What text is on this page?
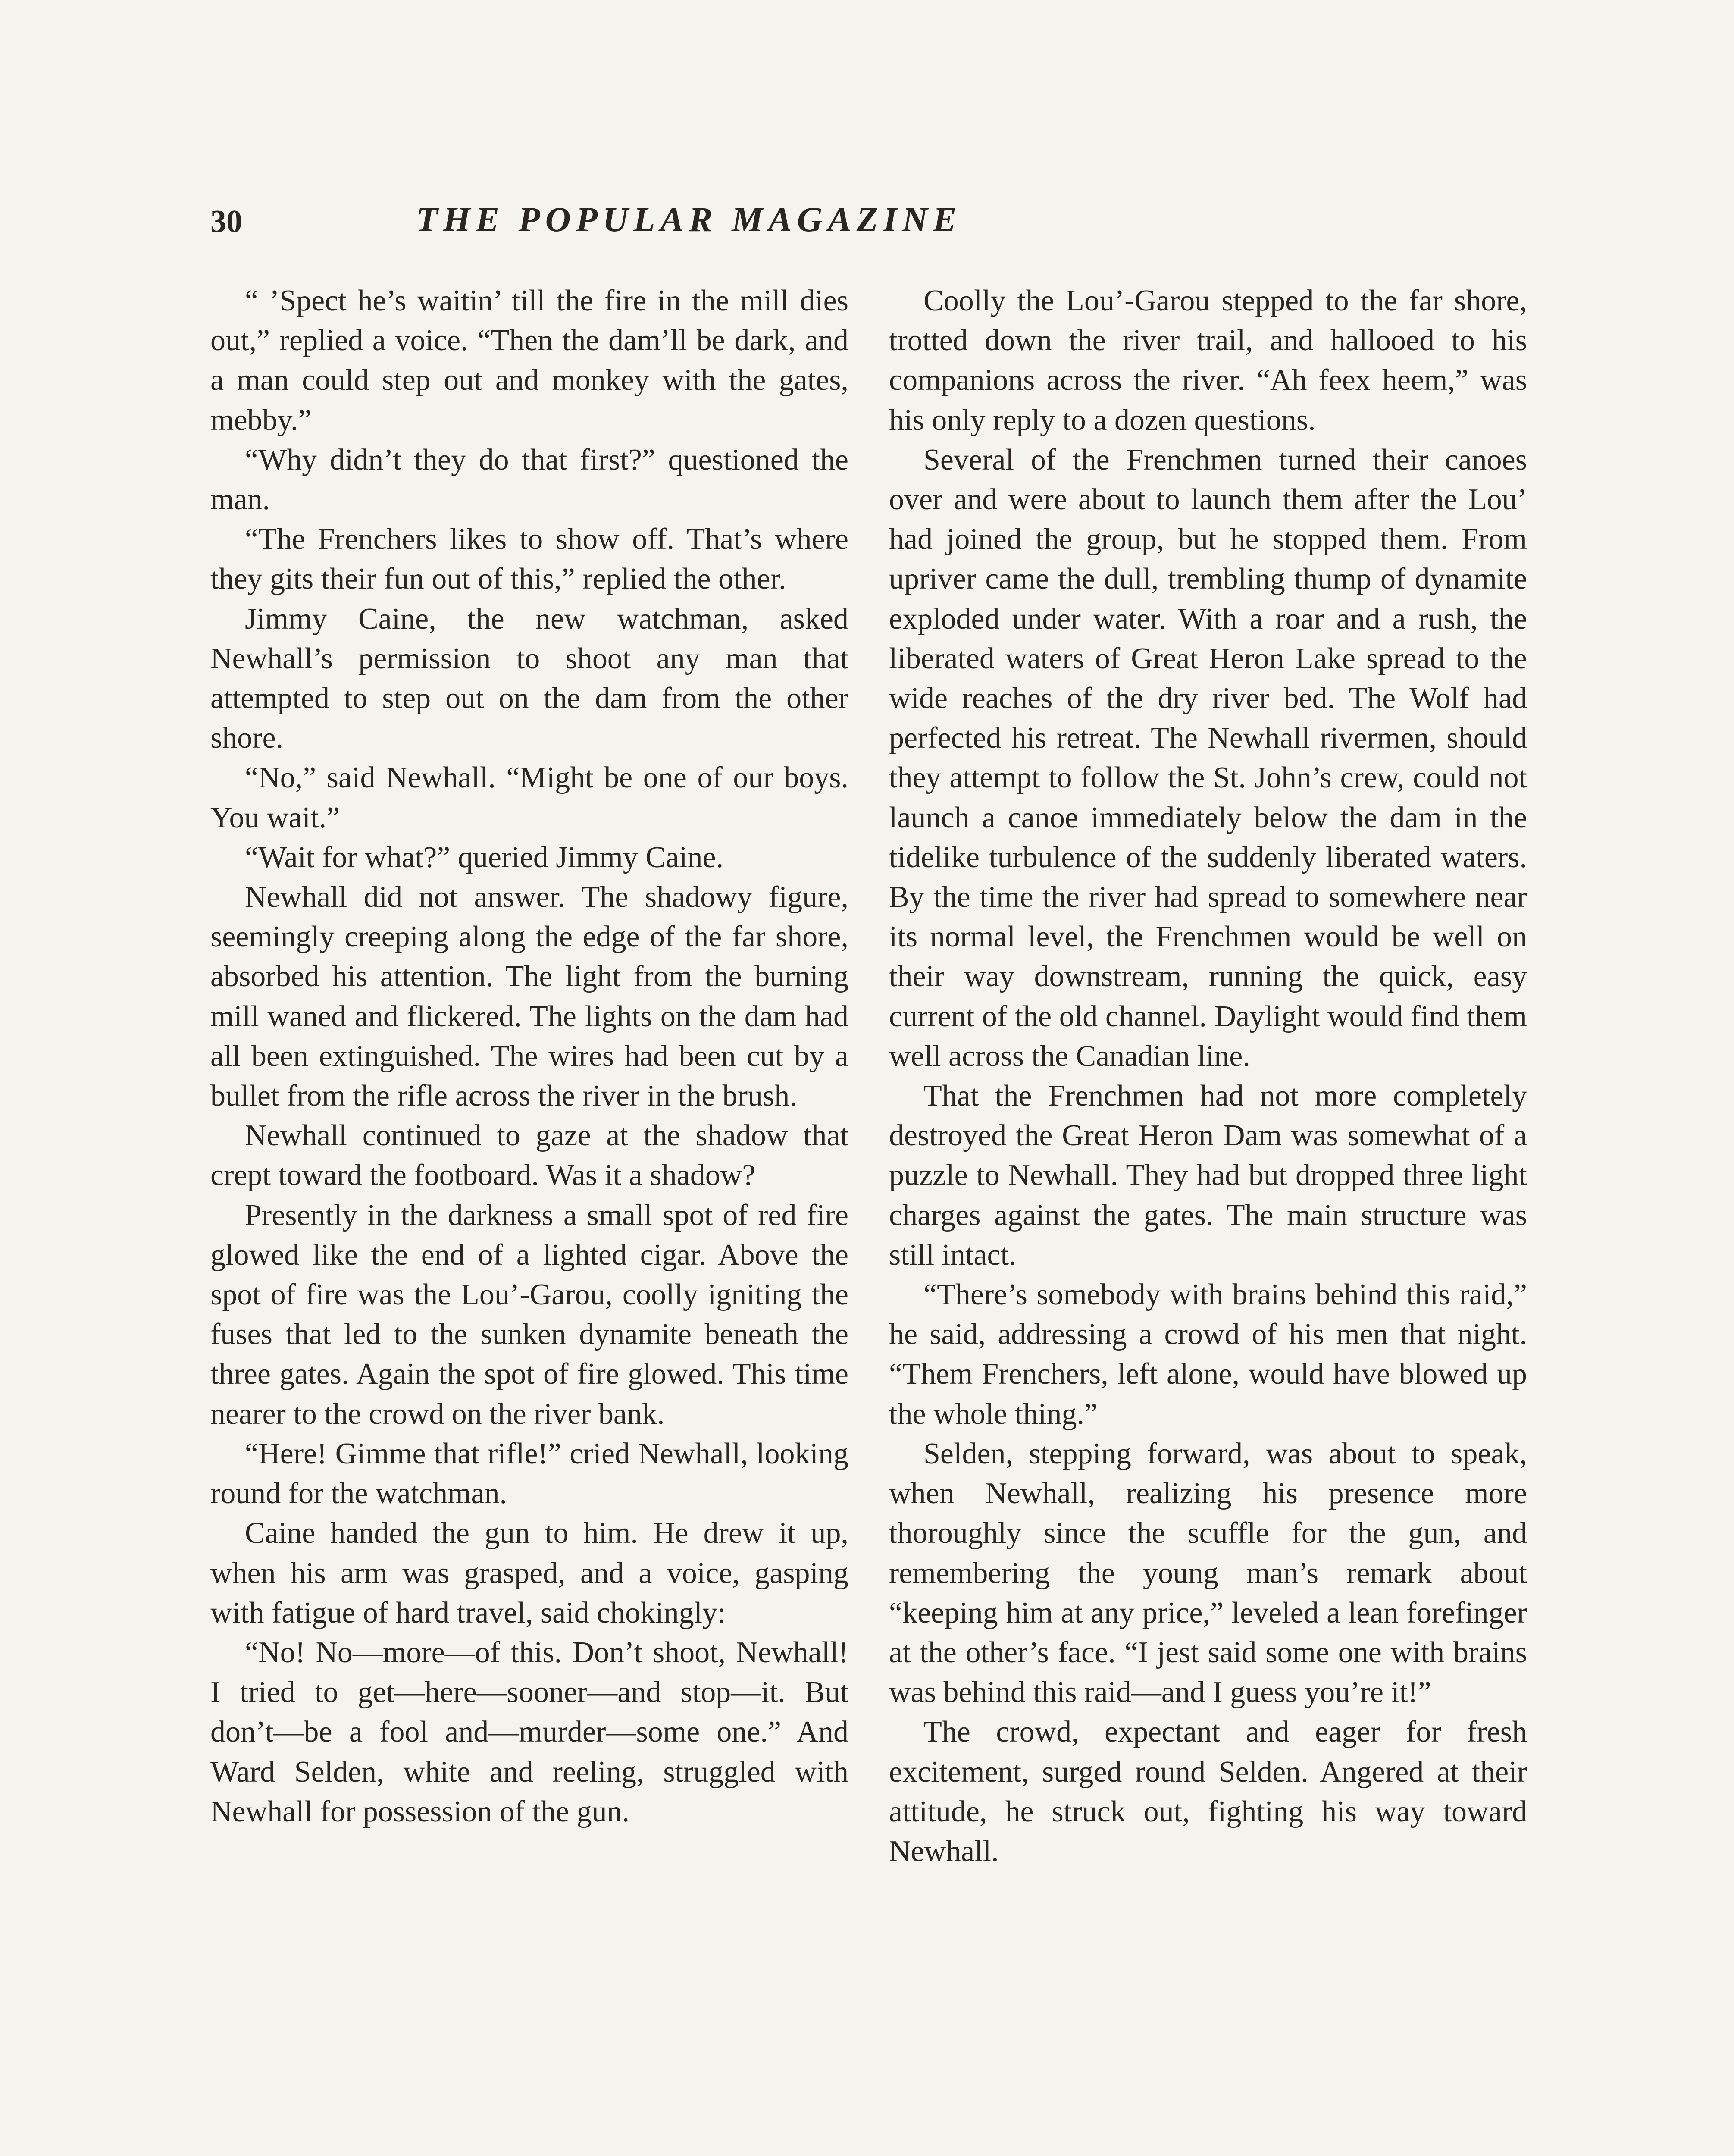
30	THE POPULAR MAGAZINE

“ ’Spect he’s waitin’ till the fire in the mill dies out,” replied a voice. “Then the dam’ll be dark, and a man could step out and monkey with the gates, mebby.”

“Why didn’t they do that first?” questioned the man.

“The Frenchers likes to show off. That’s where they gits their fun out of this,” replied the other.

Jimmy Caine, the new watchman, asked Newhall’s permission to shoot any man that attempted to step out on the dam from the other shore.

“No,” said Newhall. “Might be one of our boys. You wait.”

“Wait for what?” queried Jimmy Caine.

Newhall did not answer. The shadowy figure, seemingly creeping along the edge of the far shore, absorbed his attention. The light from the burning mill waned and flickered. The lights on the dam had all been extinguished. The wires had been cut by a bullet from the rifle across the river in the brush.

Newhall continued to gaze at the shadow that crept toward the footboard. Was it a shadow?

Presently in the darkness a small spot of red fire glowed like the end of a lighted cigar. Above the spot of fire was the Lou’-Garou, coolly igniting the fuses that led to the sunken dynamite beneath the three gates. Again the spot of fire glowed. This time nearer to the crowd on the river bank.

“Here! Gimme that rifle!” cried Newhall, looking round for the watchman.

Caine handed the gun to him. He drew it up, when his arm was grasped, and a voice, gasping with fatigue of hard travel, said chokingly:

“No! No—more—of this. Don’t shoot, Newhall! I tried to get—here—sooner—and stop—it. But don’t—be a fool and—murder—some one.” And Ward Selden, white and reeling, struggled with Newhall for possession of the gun.

Coolly the Lou’-Garou stepped to the far shore, trotted down the river trail, and hallooed to his companions across the river. “Ah feex heem,” was his only reply to a dozen questions.

Several of the Frenchmen turned their canoes over and were about to launch them after the Lou’ had joined the group, but he stopped them. From upriver came the dull, trembling thump of dynamite exploded under water. With a roar and a rush, the liberated waters of Great Heron Lake spread to the wide reaches of the dry river bed. The Wolf had perfected his retreat. The Newhall rivermen, should they attempt to follow the St. John’s crew, could not launch a canoe immediately below the dam in the tidelike turbulence of the suddenly liberated waters. By the time the river had spread to somewhere near its normal level, the Frenchmen would be well on their way downstream, running the quick, easy current of the old channel. Daylight would find them well across the Canadian line.

That the Frenchmen had not more completely destroyed the Great Heron Dam was somewhat of a puzzle to Newhall. They had but dropped three light charges against the gates. The main structure was still intact.

“There’s somebody with brains behind this raid,” he said, addressing a crowd of his men that night. “Them Frenchers, left alone, would have blowed up the whole thing.”

Selden, stepping forward, was about to speak, when Newhall, realizing his presence more thoroughly since the scuffle for the gun, and remembering the young man’s remark about “keeping him at any price,” leveled a lean forefinger at the other’s face. “I jest said some one with brains was behind this raid—and I guess you’re it!”

The crowd, expectant and eager for fresh excitement, surged round Selden. Angered at their attitude, he struck out, fighting his way toward Newhall.
